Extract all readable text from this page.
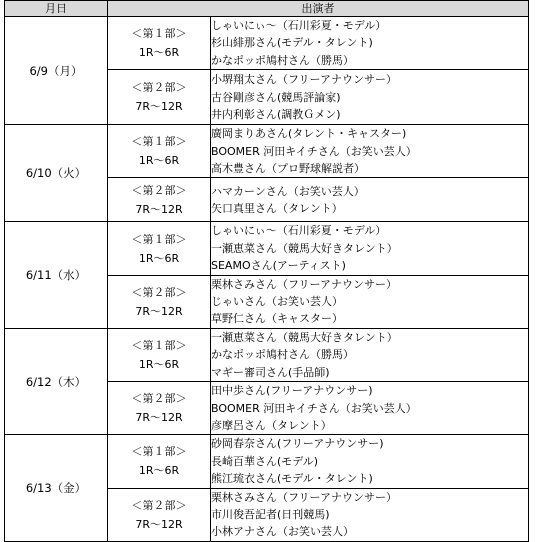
月日	出演者	
6/9（月）	＜第１部＞
1R～6R	しゃいにぃ～（石川彩夏・モデル）
杉山緋那さん(モデル・タレント)
かなポッポ鳩村さん（勝馬）

	＜第２部＞
7R～12R	小堺翔太さん（フリーアナウンサー）
古谷剛彦さん(競馬評論家)
井内利彰さん(調教Ｇメン)

6/10（火）	＜第１部＞
1R～6R	廣岡まりあさん(タレント・キャスター)
BOOMER 河田キイチさん（お笑い芸人）
高木豊さん（プロ野球解説者）

	＜第２部＞
7R～12R	ハマカーンさん（お笑い芸人）
矢口真里さん（タレント）

6/11（水）	＜第１部＞
1R～6R	しゃいにぃ～（石川彩夏・モデル）
一瀬恵菜さん（競馬大好きタレント）
SEAMOさん(アーティスト)

	＜第２部＞
7R～12R	栗林さみさん（フリーアナウンサー）
じゃいさん（お笑い芸人）
草野仁さん（キャスター）

6/12（木）	＜第１部＞
1R～6R	一瀬恵菜さん（競馬大好きタレント）
かなポッポ鳩村さん（勝馬）
マギー審司さん(手品師)

	＜第２部＞
7R～12R	田中歩さん(フリーアナウンサー)
BOOMER 河田キイチさん（お笑い芸人）
彦摩呂さん（タレント）

6/13（金）	＜第１部＞
1R～6R	砂岡春奈さん(フリーアナウンサー)
長崎百華さん(モデル)
熊江琉衣さん(モデル・タレント)

	＜第２部＞
7R～12R	栗林さみさん（フリーアナウンサー）
市川俊吾記者(日刊競馬)
小林アナさん（お笑い芸人）
